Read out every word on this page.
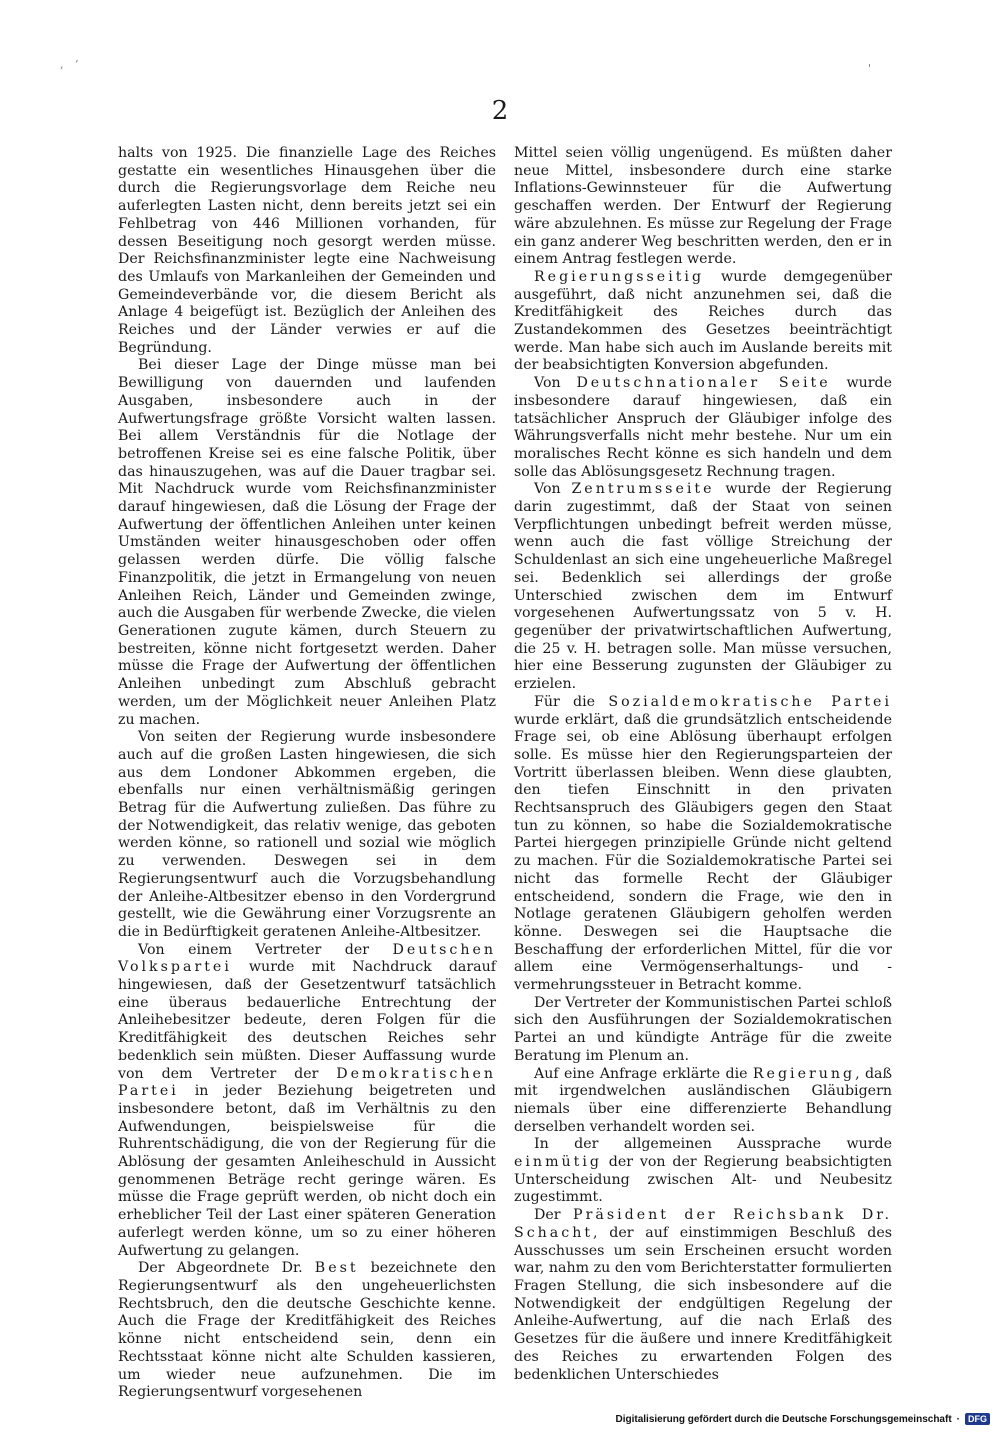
, ’	'
2

halts von 1925. Die finanzielle Lage des Reiches gestatte ein wesentliches Hinausgehen über die durch die Regierungsvorlage dem Reiche neu auferlegten Lasten nicht, denn bereits jetzt sei ein Fehlbetrag von 446 Millionen vorhanden, für dessen Beseitigung noch gesorgt werden müsse. Der Reichsfinanzminister legte eine Nachweisung des Umlaufs von Markanleihen der Gemeinden und Gemeindeverbände vor, die diesem Bericht als Anlage 4 beigefügt ist. Bezüglich der Anleihen des Reiches und der Länder verwies er auf die Begründung.

Bei dieser Lage der Dinge müsse man bei Bewilligung von dauernden und laufenden Ausgaben, insbesondere auch in der Aufwertungsfrage größte Vorsicht walten lassen. Bei allem Verständnis für die Notlage der betroffenen Kreise sei es eine falsche Politik, über das hinauszugehen, was auf die Dauer tragbar sei. Mit Nachdruck wurde vom Reichsfinanzminister darauf hingewiesen, daß die Lösung der Frage der Aufwertung der öffentlichen Anleihen unter keinen Umständen weiter hinausgeschoben oder offen gelassen werden dürfe. Die völlig falsche Finanzpolitik, die jetzt in Ermangelung von neuen Anleihen Reich, Länder und Gemeinden zwinge, auch die Ausgaben für werbende Zwecke, die vielen Generationen zugute kämen, durch Steuern zu bestreiten, könne nicht fortgesetzt werden. Daher müsse die Frage der Aufwertung der öffentlichen Anleihen unbedingt zum Abschluß gebracht werden, um der Möglichkeit neuer Anleihen Platz zu machen.

Von seiten der Regierung wurde insbesondere auch auf die großen Lasten hingewiesen, die sich aus dem Londoner Abkommen ergeben, die ebenfalls nur einen verhältnismäßig geringen Betrag für die Aufwertung zuließen. Das führe zu der Notwendigkeit, das relativ wenige, das geboten werden könne, so rationell und sozial wie möglich zu verwenden. Deswegen sei in dem Regierungsentwurf auch die Vorzugsbehandlung der Anleihe-Altbesitzer ebenso in den Vordergrund gestellt, wie die Gewährung einer Vorzugsrente an die in Bedürftigkeit geratenen Anleihe-Altbesitzer.

Von einem Vertreter der Deutschen Volkspartei wurde mit Nachdruck darauf hingewiesen, daß der Gesetzentwurf tatsächlich eine überaus bedauerliche Entrechtung der Anleihebesitzer bedeute, deren Folgen für die Kreditfähigkeit des deutschen Reiches sehr bedenklich sein müßten. Dieser Auffassung wurde von dem Vertreter der Demokratischen Partei in jeder Beziehung beigetreten und insbesondere betont, daß im Verhältnis zu den Aufwendungen, beispielsweise für die Ruhrentschädigung, die von der Regierung für die Ablösung der gesamten Anleiheschuld in Aussicht genommenen Beträge recht geringe wären. Es müsse die Frage geprüft werden, ob nicht doch ein erheblicher Teil der Last einer späteren Generation auferlegt werden könne, um so zu einer höheren Aufwertung zu gelangen.

Der Abgeordnete Dr. Best bezeichnete den Regierungsentwurf als den ungeheuerlichsten Rechtsbruch, den die deutsche Geschichte kenne. Auch die Frage der Kreditfähigkeit des Reiches könne nicht entscheidend sein, denn ein Rechtsstaat könne nicht alte Schulden kassieren, um wieder neue aufzunehmen. Die im Regierungsentwurf vorgesehenen

Mittel seien völlig ungenügend. Es müßten daher neue Mittel, insbesondere durch eine starke Inflations-Gewinnsteuer für die Aufwertung geschaffen werden. Der Entwurf der Regierung wäre abzulehnen. Es müsse zur Regelung der Frage ein ganz anderer Weg beschritten werden, den er in einem Antrag festlegen werde.

Regierungsseitig wurde demgegenüber ausgeführt, daß nicht anzunehmen sei, daß die Kreditfähigkeit des Reiches durch das Zustandekommen des Gesetzes beeinträchtigt werde. Man habe sich auch im Auslande bereits mit der beabsichtigten Konversion abgefunden.

Von Deutschnationaler Seite wurde insbesondere darauf hingewiesen, daß ein tatsächlicher Anspruch der Gläubiger infolge des Währungsverfalls nicht mehr bestehe. Nur um ein moralisches Recht könne es sich handeln und dem solle das Ablösungsgesetz Rechnung tragen.

Von Zentrumsseite wurde der Regierung darin zugestimmt, daß der Staat von seinen Verpflichtungen unbedingt befreit werden müsse, wenn auch die fast völlige Streichung der Schuldenlast an sich eine ungeheuerliche Maßregel sei. Bedenklich sei allerdings der große Unterschied zwischen dem im Entwurf vorgesehenen Aufwertungssatz von 5 v. H. gegenüber der privatwirtschaftlichen Aufwertung, die 25 v. H. betragen solle. Man müsse versuchen, hier eine Besserung zugunsten der Gläubiger zu erzielen.

Für die Sozialdemokratische Partei wurde erklärt, daß die grundsätzlich entscheidende Frage sei, ob eine Ablösung überhaupt erfolgen solle. Es müsse hier den Regierungsparteien der Vortritt überlassen bleiben. Wenn diese glaubten, den tiefen Einschnitt in den privaten Rechtsanspruch des Gläubigers gegen den Staat tun zu können, so habe die Sozialdemokratische Partei hiergegen prinzipielle Gründe nicht geltend zu machen. Für die Sozialdemokratische Partei sei nicht das formelle Recht der Gläubiger entscheidend, sondern die Frage, wie den in Notlage geratenen Gläubigern geholfen werden könne. Deswegen sei die Hauptsache die Beschaffung der erforderlichen Mittel, für die vor allem eine Vermögenserhaltungs- und -vermehrungssteuer in Betracht komme.

Der Vertreter der Kommunistischen Partei schloß sich den Ausführungen der Sozialdemokratischen Partei an und kündigte Anträge für die zweite Beratung im Plenum an.

Auf eine Anfrage erklärte die Regierung, daß mit irgendwelchen ausländischen Gläubigern niemals über eine differenzierte Behandlung derselben verhandelt worden sei.

In der allgemeinen Aussprache wurde einmütig der von der Regierung beabsichtigten Unterscheidung zwischen Alt- und Neubesitz zugestimmt.

Der Präsident der Reichsbank Dr. Schacht, der auf einstimmigen Beschluß des Ausschusses um sein Erscheinen ersucht worden war, nahm zu den vom Berichterstatter formulierten Fragen Stellung, die sich insbesondere auf die Notwendigkeit der endgültigen Regelung der Anleihe-Aufwertung, auf die nach Erlaß des Gesetzes für die äußere und innere Kreditfähigkeit des Reiches zu erwartenden Folgen des bedenklichen Unterschiedes

Digitalisierung gefördert durch die Deutsche Forschungsgemeinschaft · DFG
